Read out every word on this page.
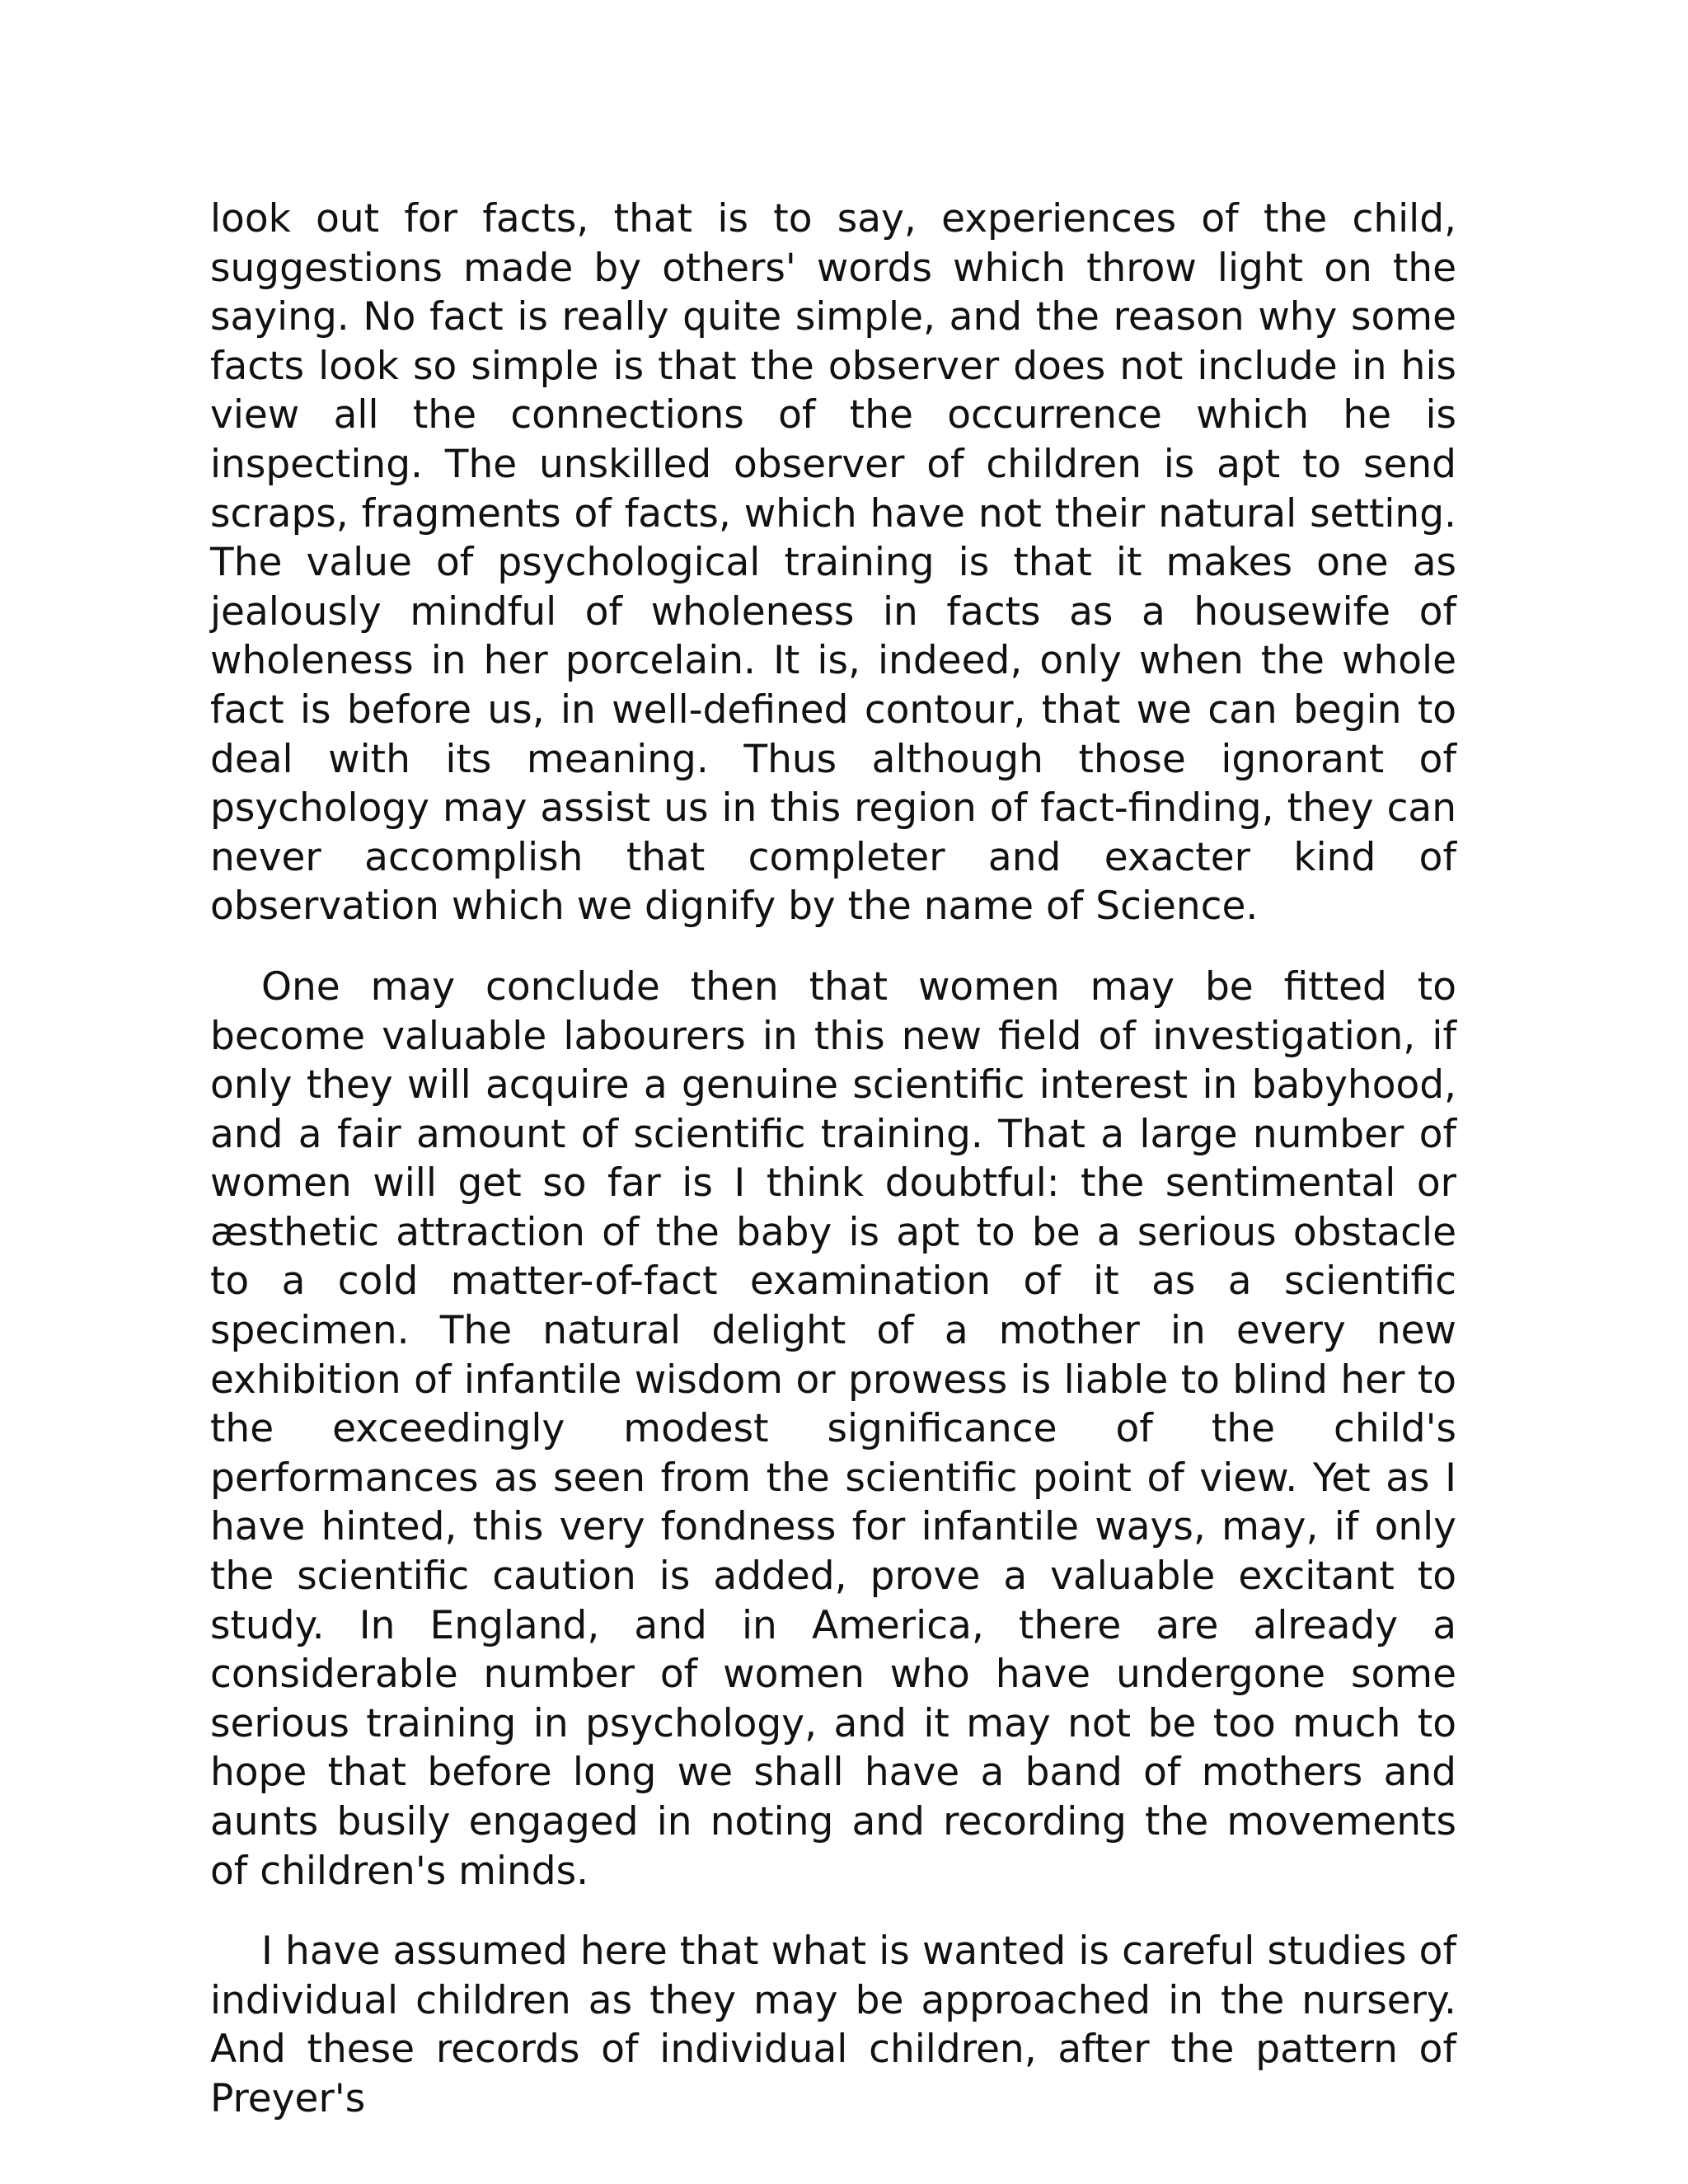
look out for facts, that is to say, experiences of the child, suggestions made by others' words which throw light on the saying. No fact is really quite simple, and the reason why some facts look so simple is that the observer does not include in his view all the connections of the occurrence which he is inspecting. The unskilled observer of children is apt to send scraps, fragments of facts, which have not their natural setting. The value of psychological training is that it makes one as jealously mindful of wholeness in facts as a housewife of wholeness in her porcelain. It is, indeed, only when the whole fact is before us, in well-defined contour, that we can begin to deal with its meaning. Thus although those ignorant of psychology may assist us in this region of fact-finding, they can never accomplish that completer and exacter kind of observation which we dignify by the name of Science.

One may conclude then that women may be fitted to become valuable labourers in this new field of investigation, if only they will acquire a genuine scientific interest in babyhood, and a fair amount of scientific training. That a large number of women will get so far is I think doubtful: the sentimental or æsthetic attraction of the baby is apt to be a serious obstacle to a cold matter-of-fact examination of it as a scientific specimen. The natural delight of a mother in every new exhibition of infantile wisdom or prowess is liable to blind her to the exceedingly modest significance of the child's performances as seen from the scientific point of view. Yet as I have hinted, this very fondness for infantile ways, may, if only the scientific caution is added, prove a valuable excitant to study. In England, and in America, there are already a considerable number of women who have undergone some serious training in psychology, and it may not be too much to hope that before long we shall have a band of mothers and aunts busily engaged in noting and recording the movements of children's minds.

I have assumed here that what is wanted is careful studies of individual children as they may be approached in the nursery. And these records of individual children, after the pattern of Preyer's
